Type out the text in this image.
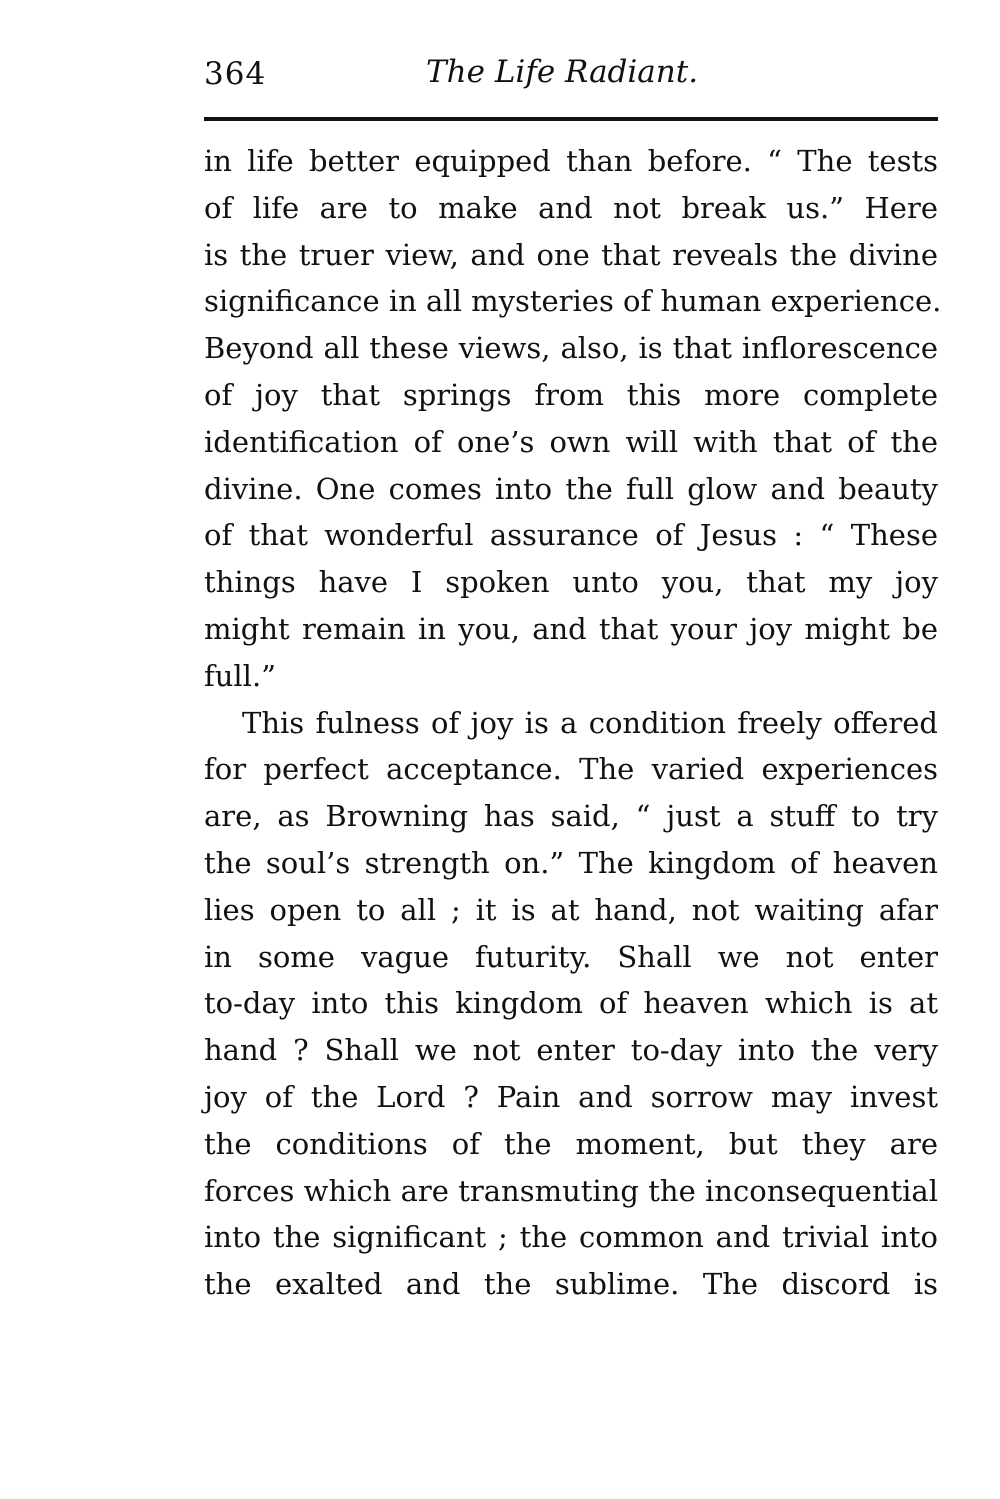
364	The Life Radiant.
in life better equipped than before. “ The tests
of life are to make and not break us.” Here
is the truer view, and one that reveals the divine
significance in all mysteries of human experience.
Beyond all these views, also, is that inflorescence
of joy that springs from this more complete
identification of one’s own will with that of the
divine. One comes into the full glow and beauty
of that wonderful assurance of Jesus : “ These
things have I spoken unto you, that my joy
might remain in you, and that your joy might be
full.”
This fulness of joy is a condition freely offered
for perfect acceptance. The varied experiences
are, as Browning has said, “ just a stuff to try
the soul’s strength on.” The kingdom of heaven
lies open to all ; it is at hand, not waiting afar
in some vague futurity. Shall we not enter
to-day into this kingdom of heaven which is at
hand ? Shall we not enter to-day into the very
joy of the Lord ? Pain and sorrow may invest
the conditions of the moment, but they are
forces which are transmuting the inconsequential
into the significant ; the common and trivial into
the exalted and the sublime. The discord is
